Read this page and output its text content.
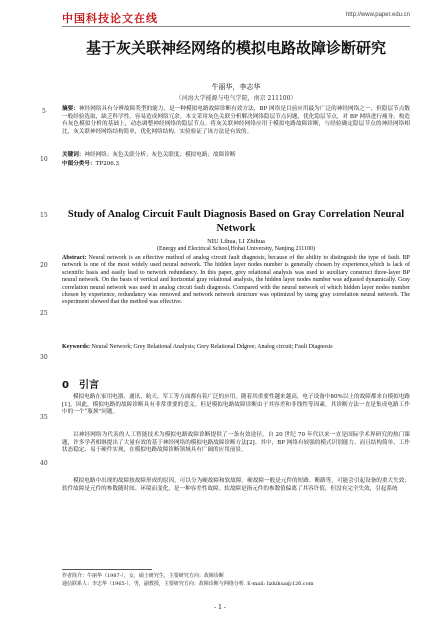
中国科技论文在线	http://www.paper.edu.cn
基于灰关联神经网络的模拟电路故障诊断研究
牛丽华，李志华
（河海大学能源与电气学院，南京 211100）
5
10
15
20
25
30
35
40
摘要：神经网络具有分辨故障类型的能力，是一种模拟电路故障诊断有效方法，BP 网络是目前应用最为广泛的神经网络之一，但隐层节点数一般经验选取，缺乏科学性，容易造成网络冗余。本文采用灰色关联分析解决网络隐层节点问题，优化隐层节点，对 BP 网络进行瘦身。构造有灰色模拟分析的基础上，动态调整神经网络的隐层节点。将灰关联神经网络应用于模拟电路故障诊断，与经验确定隐层节点的神经网络相比，灰关联神经网络结构简单，优化网络结构，实验验证了该方法是有效的。
关键词：神经网络；灰色关联分析；灰色关联度；模拟电路；故障诊断
中图分类号：TP206.3
Study of Analog Circuit Fault Diagnosis Based on Gray Correlation Neural Network
NIU Lihua, LI Zhihua
(Energy and Electrical School,Hohai University, Nanjing 211100)
Abstract: Neural network is an effective method of analog circuit fault diagnosis, because of the ability to distinguish the type of fault. BP network is one of the most widely used neural network. The hidden layer nodes number is generally chosen by experience,which is lack of scientific basis and easily lead to network redundancy. In this paper, grey relational analysis was used to auxiliary construct three-layer BP neural network. On the basis of vertical and horizontal gray relational analysis, the hidden layer nodes number was adjusted dynamically. Gray correlation neural network was used in analog circuit fault diagnosis. Compared with the neural network of which hidden layer nodes number chosen by experience, redundancy was removed and network network structure was optimized by using gray correlation neural network. The experiment showed that the method was effective.
Keywords: Neural Network; Grey Relational Analysis; Grey Relational Ddgree; Analog circuit; Fault Diagnosis
0 引言
模拟电路在家用电器、通讯、航天、军工等方面都有着广泛的应用，随着其重要性越来越高，电子设备中80%以上的故障都来自模拟电路[1]。因此，模拟电路的故障诊断具有非常重要的意义。但是模拟电路故障诊断由于其容差和非线性等因素，其诊断方法一直是集成电路工作中的一个“瓶颈”问题。
以神经网络为代表的人工智能技术为模拟电路故障诊断提供了一条有效途径。自 20 世纪 70 年代以来一直是国际学术界研究的热门课题，许多学者相继提出了大量有效的基于神经网络的模拟电路故障诊断方法[2]。其中，BP 网络有较强的模式识别能力、而且结构简单、工作状态稳定、易于硬件实现，在模拟电路故障诊断领域具有广阔的应用前景。
模拟电路中出现的故障按故障形成的原因，可以分为硬故障和软故障。硬故障一般是元件的短路、断路等，可能会引起设备的重大失效；软件故障是元件的参数随时间、环境而变化，是一种容差性故障。软故障是指元件的参数值偏离了其容许值，但没有完全失效，引起系统
作者简介：牛丽华（1987-），女，硕士研究生，主要研究方向：故障诊断
通信联系人：李志华（1965-），男，副教授，主要研究方向：故障诊断与网络分析. E-mail: lizhihua@126.com
- 1 -
